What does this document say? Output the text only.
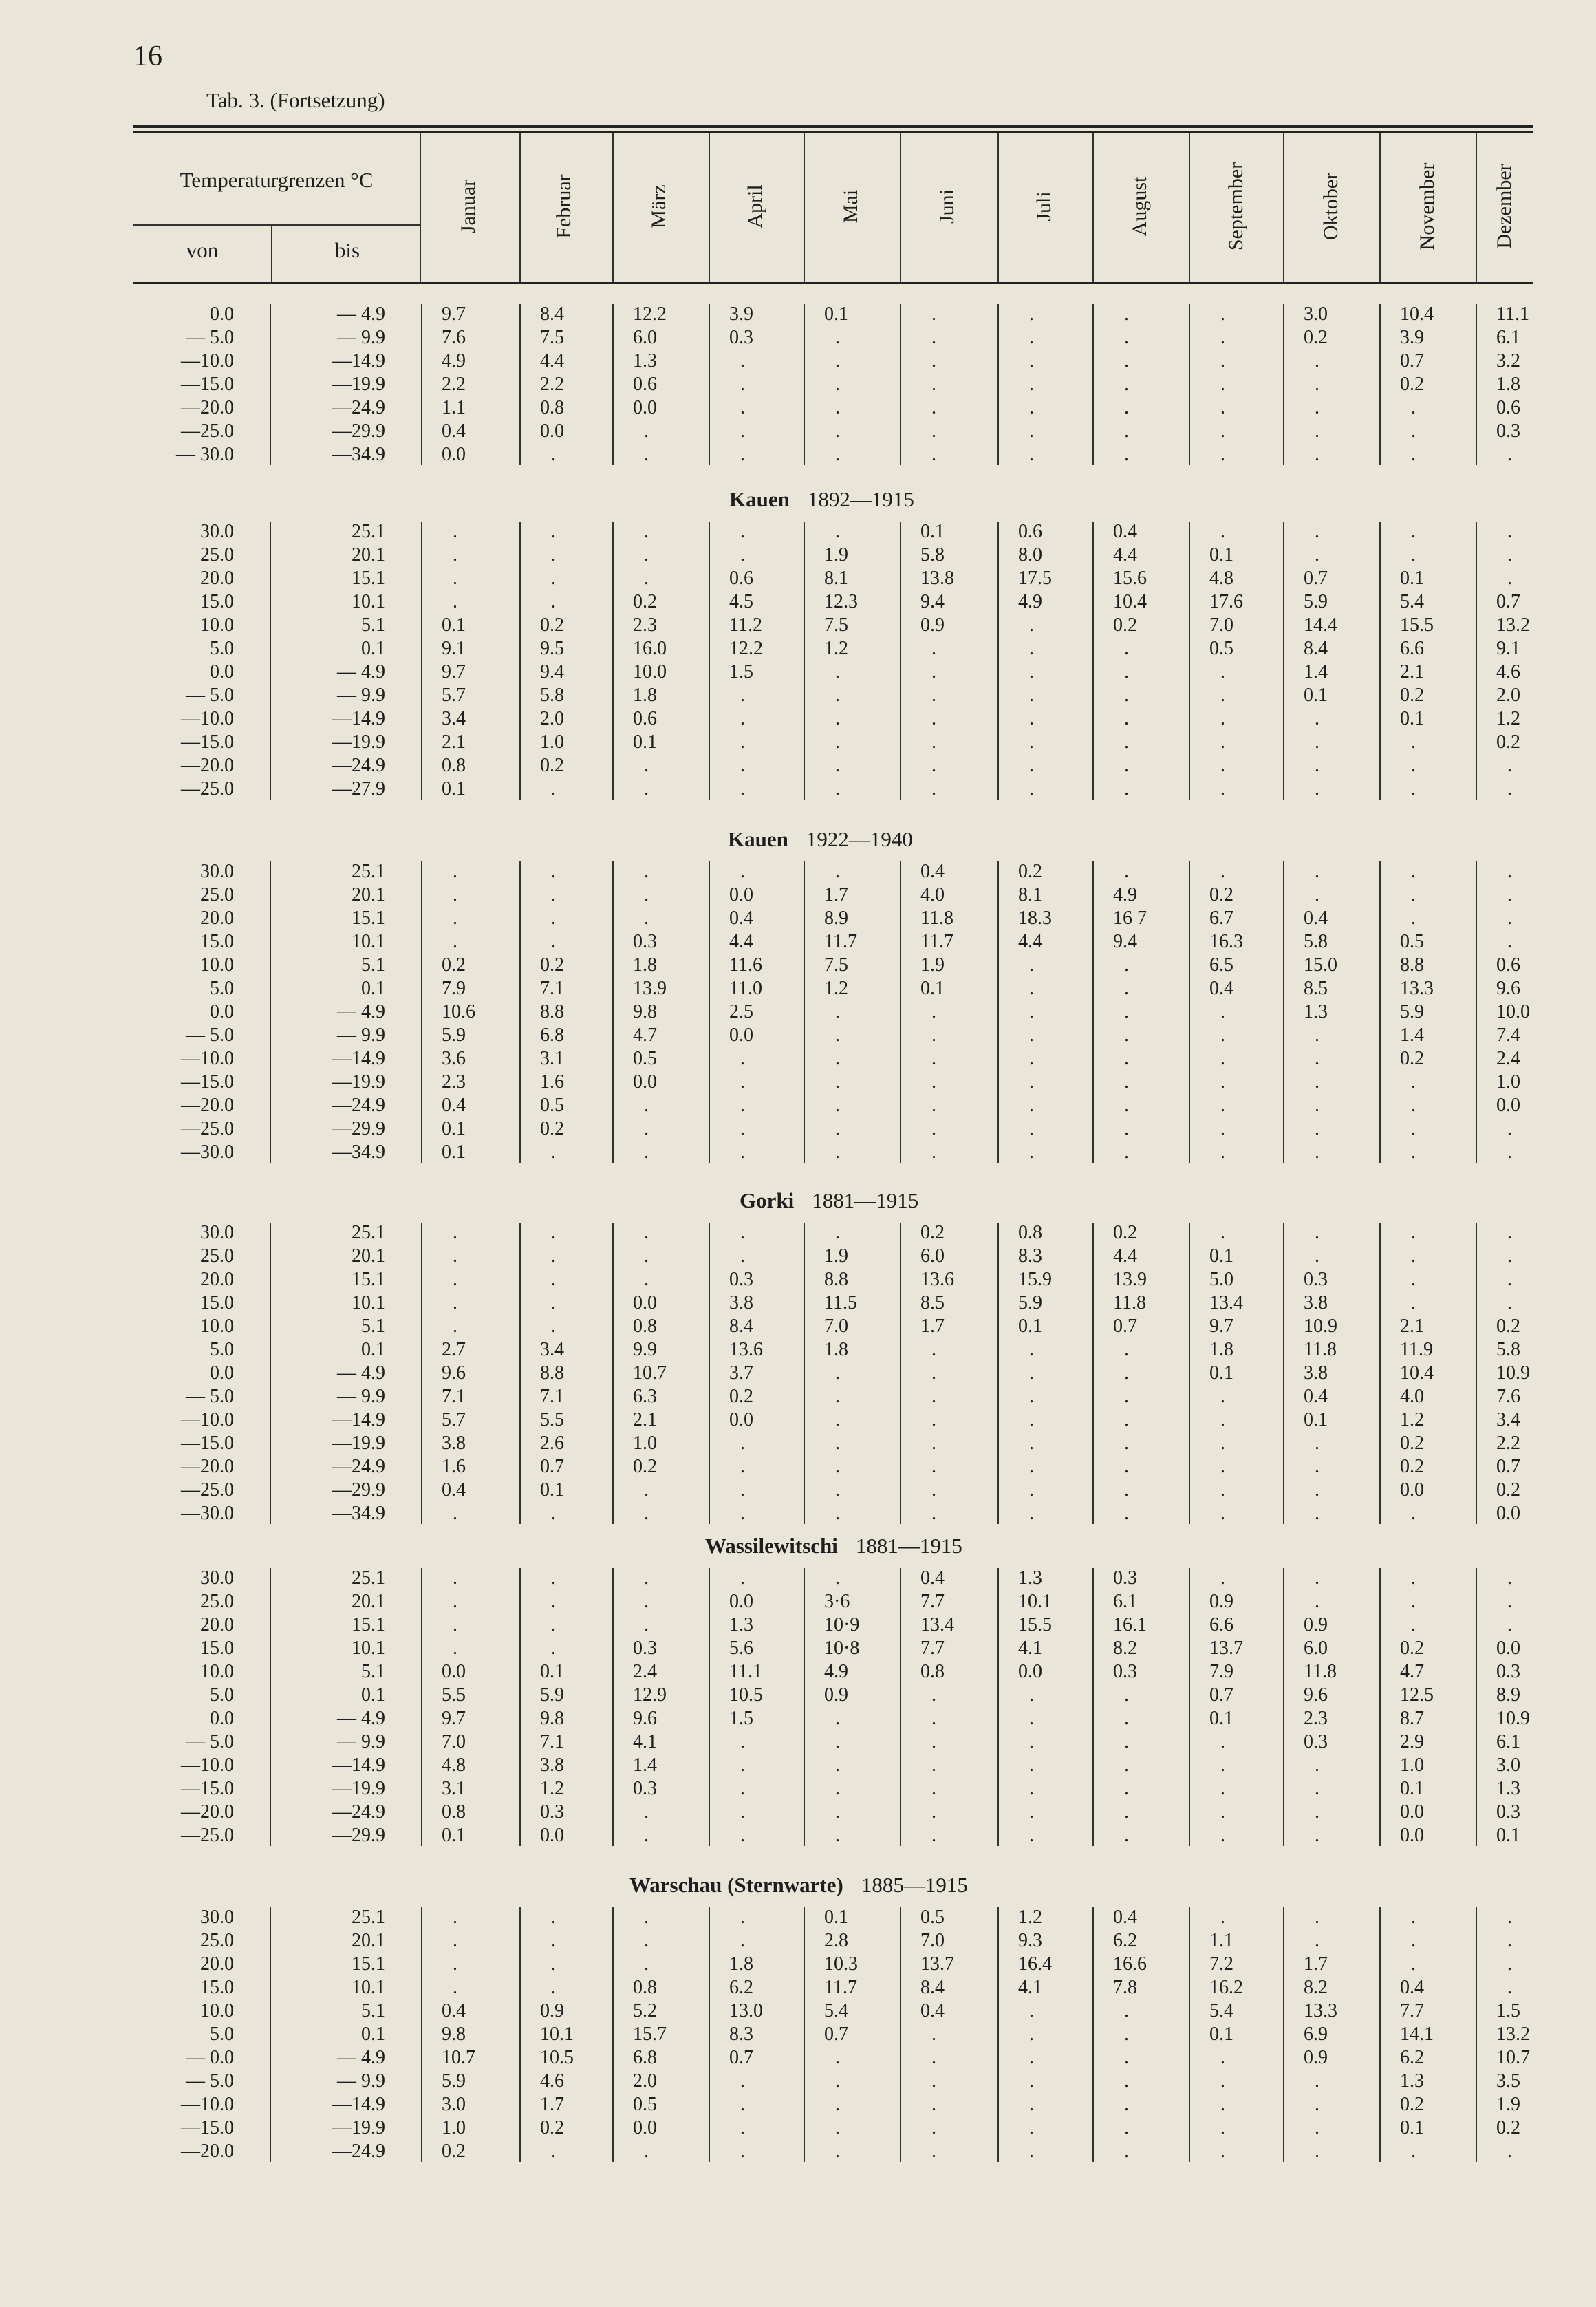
16
Tab. 3. (Fortsetzung)
Temperaturgrenzen °C
von	bis
Januar	Februar	März	April	Mai	Juni	Juli	August	September	Oktober	November	Dezember
0.0	— 4.9	9.7	8.4	12.2	3.9	0.1	.	.	.	.	3.0	10.4	11.1
— 5.0	— 9.9	7.6	7.5	6.0	0.3	.	.	.	.	.	0.2	3.9	6.1
—10.0	—14.9	4.9	4.4	1.3	.	.	.	.	.	.	.	0.7	3.2
—15.0	—19.9	2.2	2.2	0.6	.	.	.	.	.	.	.	0.2	1.8
—20.0	—24.9	1.1	0.8	0.0	.	.	.	.	.	.	.	.	0.6
—25.0	—29.9	0.4	0.0	.	.	.	.	.	.	.	.	.	0.3
— 30.0	—34.9	0.0	.	.	.	.	.	.	.	.	.	.	.
Kauen 1892—1915
30.0	25.1	.	.	.	.	.	0.1	0.6	0.4	.	.	.	.
25.0	20.1	.	.	.	.	1.9	5.8	8.0	4.4	0.1	.	.	.
20.0	15.1	.	.	.	0.6	8.1	13.8	17.5	15.6	4.8	0.7	0.1	.
15.0	10.1	.	.	0.2	4.5	12.3	9.4	4.9	10.4	17.6	5.9	5.4	0.7
10.0	5.1	0.1	0.2	2.3	11.2	7.5	0.9	.	0.2	7.0	14.4	15.5	13.2
5.0	0.1	9.1	9.5	16.0	12.2	1.2	.	.	.	0.5	8.4	6.6	9.1
0.0	— 4.9	9.7	9.4	10.0	1.5	.	.	.	.	.	1.4	2.1	4.6
— 5.0	— 9.9	5.7	5.8	1.8	.	.	.	.	.	.	0.1	0.2	2.0
—10.0	—14.9	3.4	2.0	0.6	.	.	.	.	.	.	.	0.1	1.2
—15.0	—19.9	2.1	1.0	0.1	.	.	.	.	.	.	.	.	0.2
—20.0	—24.9	0.8	0.2	.	.	.	.	.	.	.	.	.	.
—25.0	—27.9	0.1	.	.	.	.	.	.	.	.	.	.	.
Kauen 1922—1940
30.0	25.1	.	.	.	.	.	0.4	0.2	.	.	.	.	.
25.0	20.1	.	.	.	0.0	1.7	4.0	8.1	4.9	0.2	.	.	.
20.0	15.1	.	.	.	0.4	8.9	11.8	18.3	16 7	6.7	0.4	.	.
15.0	10.1	.	.	0.3	4.4	11.7	11.7	4.4	9.4	16.3	5.8	0.5	.
10.0	5.1	0.2	0.2	1.8	11.6	7.5	1.9	.	.	6.5	15.0	8.8	0.6
5.0	0.1	7.9	7.1	13.9	11.0	1.2	0.1	.	.	0.4	8.5	13.3	9.6
0.0	— 4.9	10.6	8.8	9.8	2.5	.	.	.	.	.	1.3	5.9	10.0
— 5.0	— 9.9	5.9	6.8	4.7	0.0	.	.	.	.	.	.	1.4	7.4
—10.0	—14.9	3.6	3.1	0.5	.	.	.	.	.	.	.	0.2	2.4
—15.0	—19.9	2.3	1.6	0.0	.	.	.	.	.	.	.	.	1.0
—20.0	—24.9	0.4	0.5	.	.	.	.	.	.	.	.	.	0.0
—25.0	—29.9	0.1	0.2	.	.	.	.	.	.	.	.	.	.
—30.0	—34.9	0.1	.	.	.	.	.	.	.	.	.	.	.
Gorki 1881—1915
30.0	25.1	.	.	.	.	.	0.2	0.8	0.2	.	.	.	.
25.0	20.1	.	.	.	.	1.9	6.0	8.3	4.4	0.1	.	.	.
20.0	15.1	.	.	.	0.3	8.8	13.6	15.9	13.9	5.0	0.3	.	.
15.0	10.1	.	.	0.0	3.8	11.5	8.5	5.9	11.8	13.4	3.8	.	.
10.0	5.1	.	.	0.8	8.4	7.0	1.7	0.1	0.7	9.7	10.9	2.1	0.2
5.0	0.1	2.7	3.4	9.9	13.6	1.8	.	.	.	1.8	11.8	11.9	5.8
0.0	— 4.9	9.6	8.8	10.7	3.7	.	.	.	.	0.1	3.8	10.4	10.9
— 5.0	— 9.9	7.1	7.1	6.3	0.2	.	.	.	.	.	0.4	4.0	7.6
—10.0	—14.9	5.7	5.5	2.1	0.0	.	.	.	.	.	0.1	1.2	3.4
—15.0	—19.9	3.8	2.6	1.0	.	.	.	.	.	.	.	0.2	2.2
—20.0	—24.9	1.6	0.7	0.2	.	.	.	.	.	.	.	0.2	0.7
—25.0	—29.9	0.4	0.1	.	.	.	.	.	.	.	.	0.0	0.2
—30.0	—34.9	.	.	.	.	.	.	.	.	.	.	.	0.0
Wassilewitschi 1881—1915
30.0	25.1	.	.	.	.	.	0.4	1.3	0.3	.	.	.	.
25.0	20.1	.	.	.	0.0	3·6	7.7	10.1	6.1	0.9	.	.	.
20.0	15.1	.	.	.	1.3	10·9	13.4	15.5	16.1	6.6	0.9	.	.
15.0	10.1	.	.	0.3	5.6	10·8	7.7	4.1	8.2	13.7	6.0	0.2	0.0
10.0	5.1	0.0	0.1	2.4	11.1	4.9	0.8	0.0	0.3	7.9	11.8	4.7	0.3
5.0	0.1	5.5	5.9	12.9	10.5	0.9	.	.	.	0.7	9.6	12.5	8.9
0.0	— 4.9	9.7	9.8	9.6	1.5	.	.	.	.	0.1	2.3	8.7	10.9
— 5.0	— 9.9	7.0	7.1	4.1	.	.	.	.	.	.	0.3	2.9	6.1
—10.0	—14.9	4.8	3.8	1.4	.	.	.	.	.	.	.	1.0	3.0
—15.0	—19.9	3.1	1.2	0.3	.	.	.	.	.	.	.	0.1	1.3
—20.0	—24.9	0.8	0.3	.	.	.	.	.	.	.	.	0.0	0.3
—25.0	—29.9	0.1	0.0	.	.	.	.	.	.	.	.	0.0	0.1
Warschau (Sternwarte) 1885—1915
30.0	25.1	.	.	.	.	0.1	0.5	1.2	0.4	.	.	.	.
25.0	20.1	.	.	.	.	2.8	7.0	9.3	6.2	1.1	.	.	.
20.0	15.1	.	.	.	1.8	10.3	13.7	16.4	16.6	7.2	1.7	.	.
15.0	10.1	.	.	0.8	6.2	11.7	8.4	4.1	7.8	16.2	8.2	0.4	.
10.0	5.1	0.4	0.9	5.2	13.0	5.4	0.4	.	.	5.4	13.3	7.7	1.5
5.0	0.1	9.8	10.1	15.7	8.3	0.7	.	.	.	0.1	6.9	14.1	13.2
— 0.0	— 4.9	10.7	10.5	6.8	0.7	.	.	.	.	.	0.9	6.2	10.7
— 5.0	— 9.9	5.9	4.6	2.0	.	.	.	.	.	.	.	1.3	3.5
—10.0	—14.9	3.0	1.7	0.5	.	.	.	.	.	.	.	0.2	1.9
—15.0	—19.9	1.0	0.2	0.0	.	.	.	.	.	.	.	0.1	0.2
—20.0	—24.9	0.2	.	.	.	.	.	.	.	.	.	.	.
